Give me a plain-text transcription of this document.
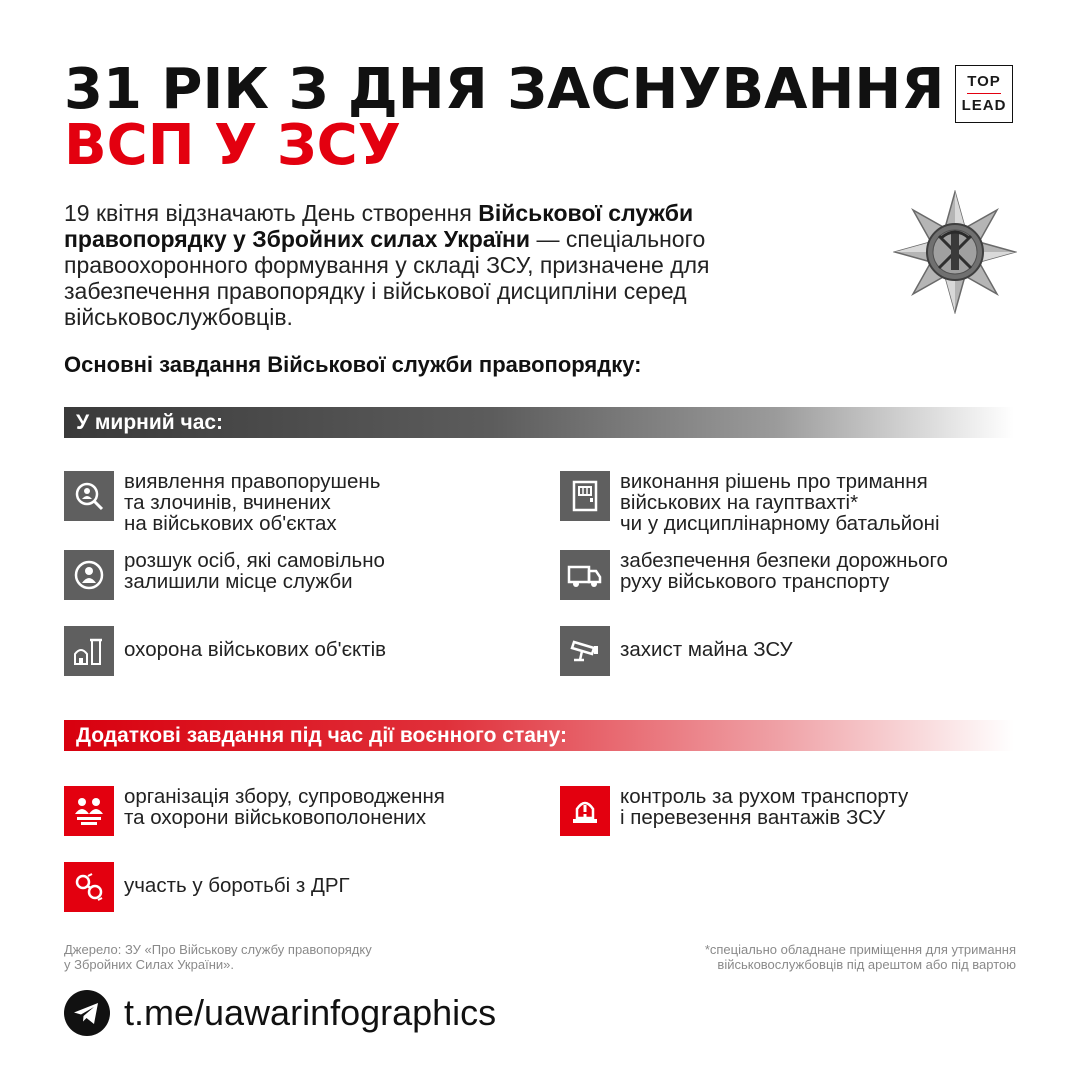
31 РІК З ДНЯ ЗАСНУВАННЯ
ВСП У ЗСУ
TOP
LEAD
19 квітня відзначають День створення Військової служби правопорядку у Збройних силах України — спеціального правоохоронного формування у складі ЗСУ, призначене для забезпечення правопорядку і військової дисципліни серед військовослужбовців.
Основні завдання Військової служби правопорядку:
У мирний час:
виявлення правопорушень
та злочинів, вчинених
на військових об'єктах
виконання рішень про тримання
військових на гауптвахті*
чи у дисциплінарному батальйоні
розшук осіб, які самовільно
залишили місце служби
забезпечення безпеки дорожнього
руху військового транспорту
охорона військових об'єктів	захист майна ЗСУ
Додаткові завдання під час дії воєнного стану:
організація збору, супроводження
та охорони військовополонених
контроль за рухом транспорту
і перевезення вантажів ЗСУ
участь у боротьбі з ДРГ
Джерело: ЗУ «Про Військову службу правопорядку
у Збройних Силах України».
*спеціально обладнане приміщення для утримання
військовослужбовців під арештом або під вартою
t.me/uawarinfographics
